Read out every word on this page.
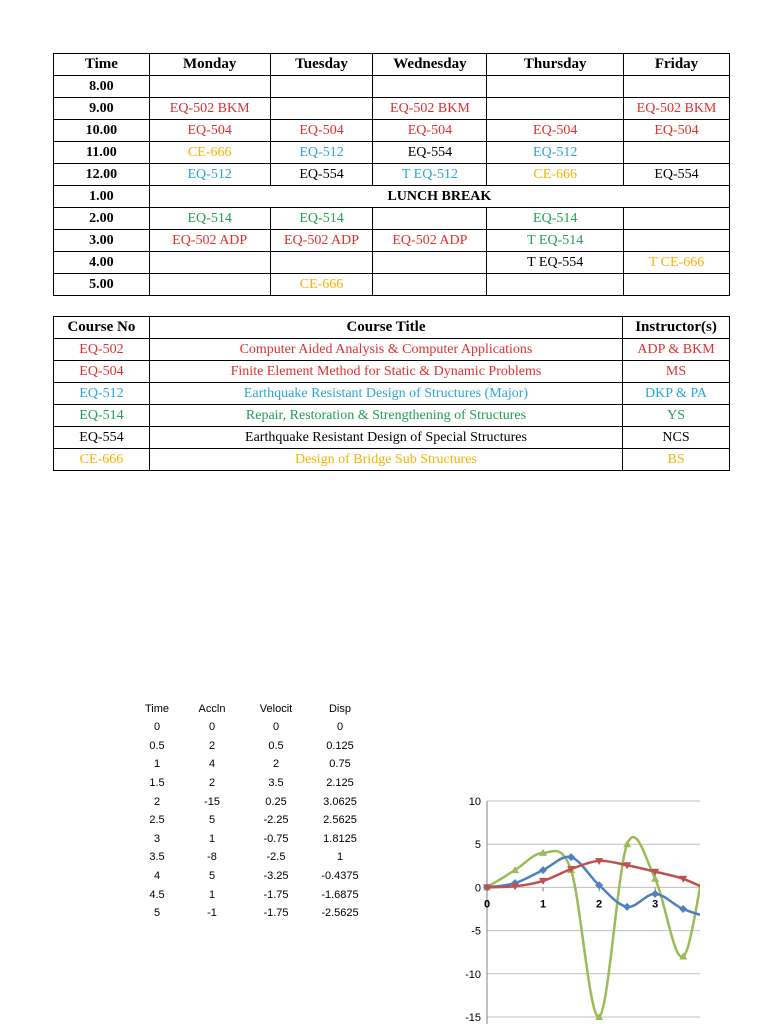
Time	Monday	Tuesday	Wednesday	Thursday	Friday
8.00					
9.00	EQ-502 BKM		EQ-502 BKM		EQ-502 BKM
10.00	EQ-504	EQ-504	EQ-504	EQ-504	EQ-504
11.00	CE-666	EQ-512	EQ-554	EQ-512	
12.00	EQ-512	EQ-554	T EQ-512	CE-666	EQ-554
1.00	LUNCH BREAK				
2.00	EQ-514	EQ-514		EQ-514	
3.00	EQ-502 ADP	EQ-502 ADP	EQ-502 ADP	T EQ-514	
4.00				T EQ-554	T CE-666
5.00		CE-666			
Course No	Course Title	Instructor(s)
EQ-502	Computer Aided Analysis & Computer Applications	ADP & BKM
EQ-504	Finite Element Method for Static & Dynamic Problems	MS
EQ-512	Earthquake Resistant Design of Structures (Major)	DKP & PA
EQ-514	Repair, Restoration & Strengthening of Structures	YS
EQ-554	Earthquake Resistant Design of Special Structures	NCS
CE-666	Design of Bridge Sub Structures	BS
Time	Accln	Velocit	Disp
0	0	0	0
0.5	2	0.5	0.125
1	4	2	0.75
1.5	2	3.5	2.125
2	-15	0.25	3.0625
2.5	5	-2.25	2.5625
3	1	-0.75	1.8125
3.5	-8	-2.5	1
4	5	-3.25	-0.4375
4.5	1	-1.75	-1.6875
5	-1	-1.75	-2.5625
10
5
0
-5
-10
-15
0	1	2	3
